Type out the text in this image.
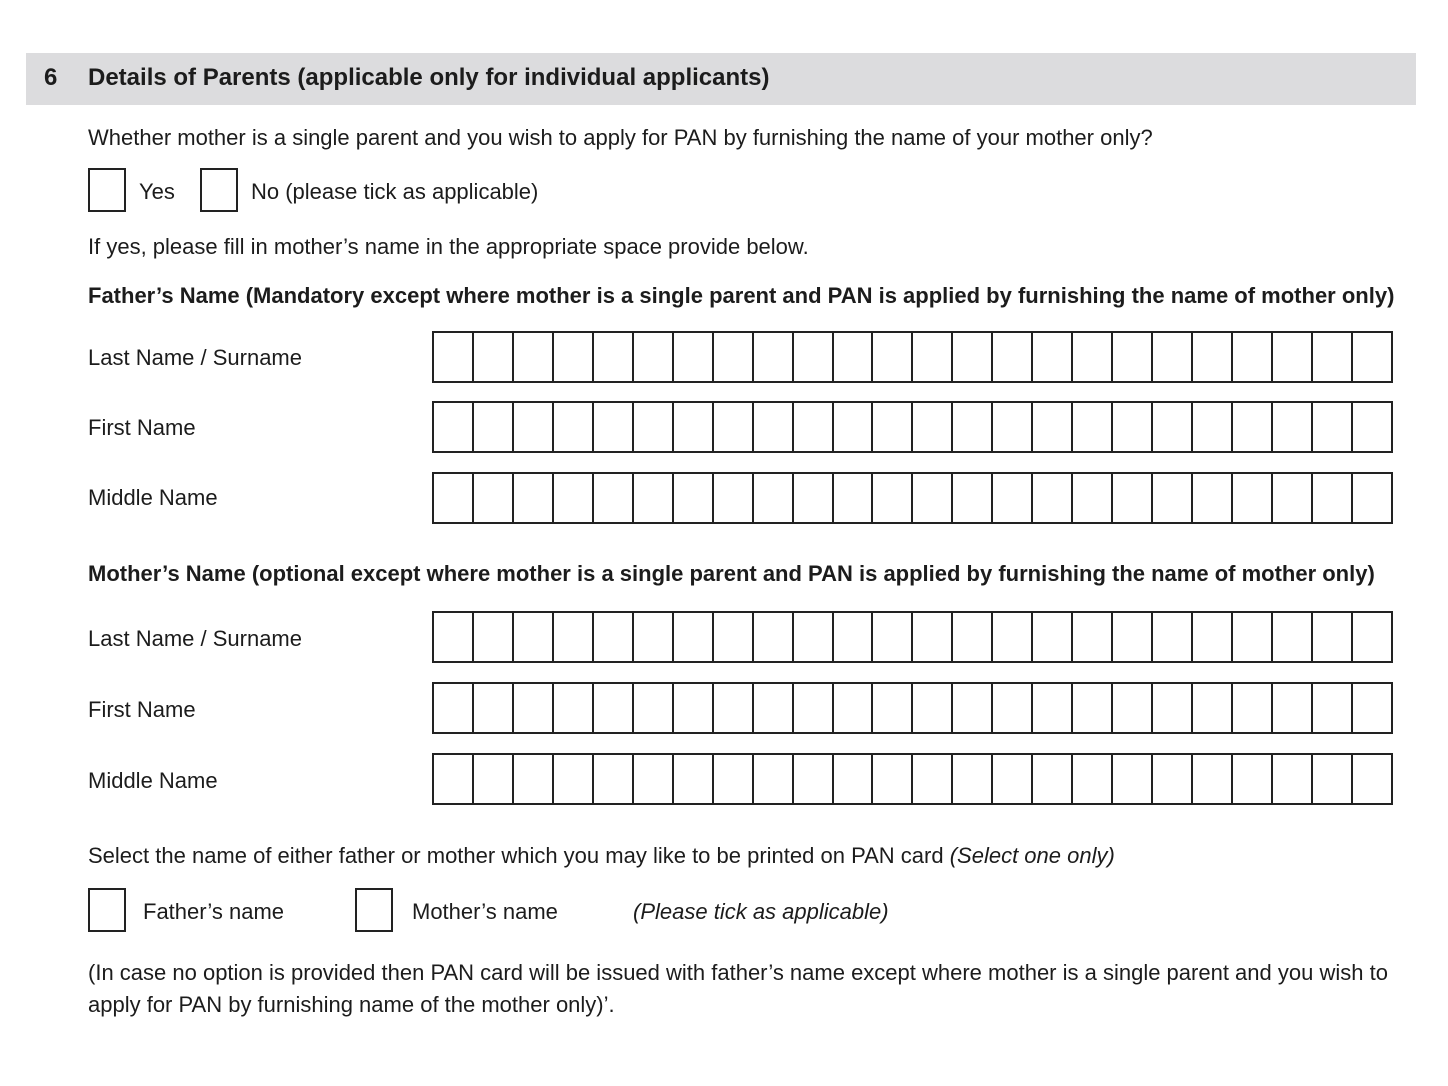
6 Details of Parents (applicable only for individual applicants)
Whether mother is a single parent and you wish to apply for PAN by furnishing the name of your mother only?
Yes	No (please tick as applicable)
If yes, please fill in mother’s name in the appropriate space provide below.
Father’s Name (Mandatory except where mother is a single parent and PAN is applied by furnishing the name of mother only)
Last Name / Surname
First Name
Middle Name
Mother’s Name (optional except where mother is a single parent and PAN is applied by furnishing the name of mother only)
Last Name / Surname
First Name
Middle Name
Select the name of either father or mother which you may like to be printed on PAN card (Select one only)
Father’s name	Mother’s name	(Please tick as applicable)
(In case no option is provided then PAN card will be issued with father’s name except where mother is a single parent and you wish to apply for PAN by furnishing name of the mother only)’.
